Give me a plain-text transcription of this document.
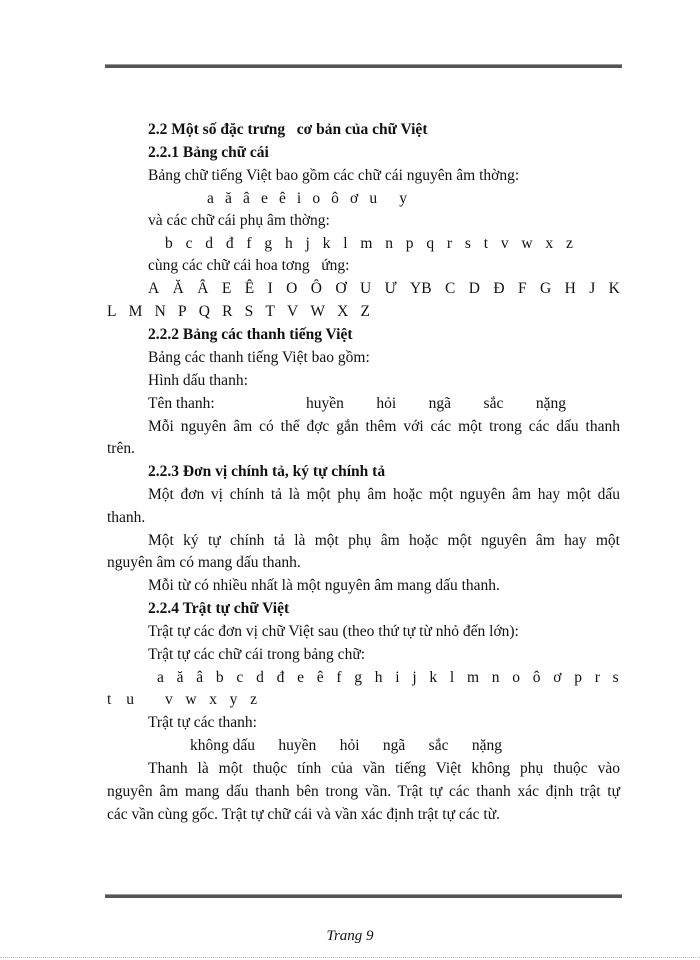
2.2 Một số đặc trưng   cơ bản của chữ Việt
2.2.1 Bảng chữ cái
Bảng chữ tiếng Việt bao gồm các chữ cái nguyên âm thờng:
a ă â e ê i o ô ơ u y
và các chữ cái phụ âm thờng:
b c d đ f g h j k l m n p q r s t v w x z
cùng các chữ cái hoa tơng   ứng:
A Ă Â E Ê I O Ô Ơ U Ư YB C D Đ F G H J K
L M N P Q R S T V W X Z
2.2.2 Bảng các thanh tiếng Việt
Bảng các thanh tiếng Việt bao gồm:
Hình dấu thanh:
Tên thanh:	huyền hỏi ngã sắc nặng
Mỗi nguyên âm có thể đợc gắn thêm với các một trong các dấu thanh
trên.
2.2.3 Đơn vị chính tả, ký tự chính tả
Một đơn vị chính tả là một phụ âm hoặc một nguyên âm hay một dấu
thanh.
Một ký tự chính tả là một phụ âm hoặc một nguyên âm hay một
nguyên âm có mang dấu thanh.
Mỗi từ có nhiều nhất là một nguyên âm mang dấu thanh.
2.2.4 Trật tự chữ Việt
Trật tự các đơn vị chữ Việt sau (theo thứ tự từ nhỏ đến lớn):
Trật tự các chữ cái trong bảng chữ:
a ă â b c d đ e ê f g h i j k l m n o ô ơ p r s
t u v w x y z
Trật tự các thanh:
không dấu huyền hỏi ngã sắc nặng
Thanh là một thuộc tính của vần tiếng Việt không phụ thuộc vào
nguyên âm mang dấu thanh bên trong vần. Trật tự các thanh xác định trật tự
các vần cùng gốc. Trật tự chữ cái và vần xác định trật tự các từ.
Trang 9
